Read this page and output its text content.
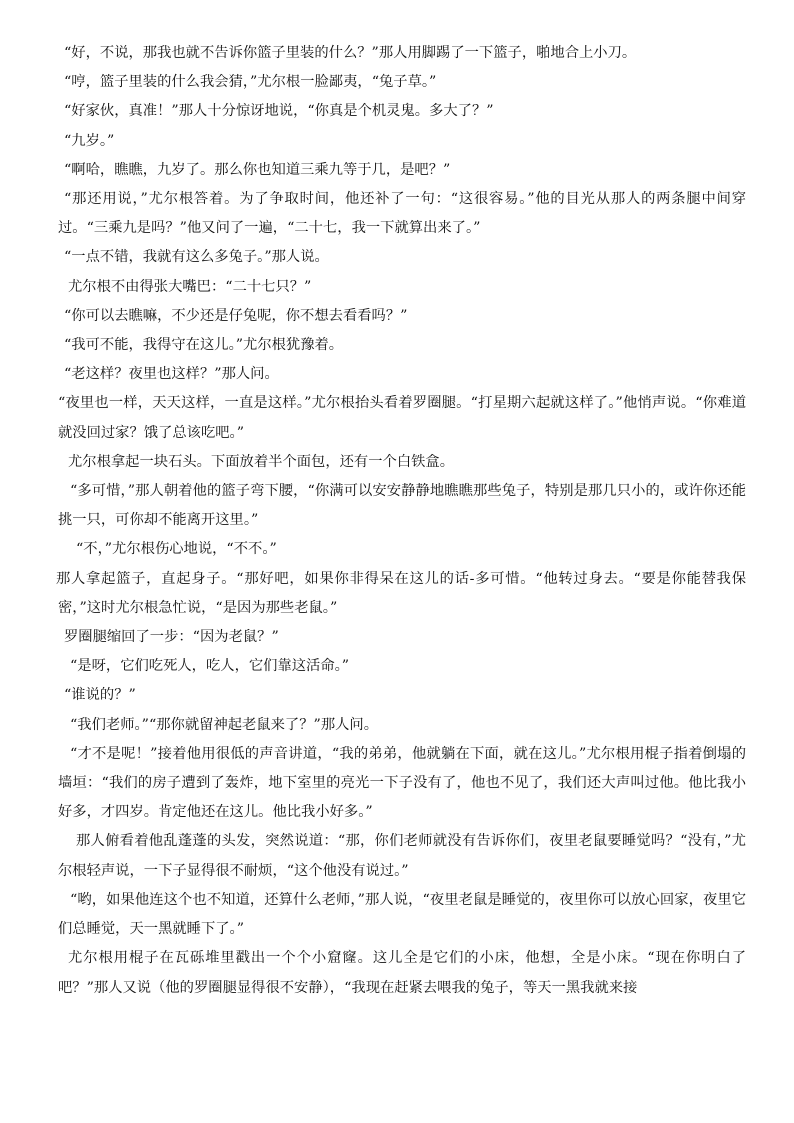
“好，不说，那我也就不告诉你篮子里装的什么？”那人用脚踢了一下篮子，啪地合上小刀。

“哼，篮子里装的什么我会猜，”尤尔根一脸鄙夷，“兔子草。”

“好家伙，真准！”那人十分惊讶地说，“你真是个机灵鬼。多大了？”

“九岁。”

“啊哈，瞧瞧，九岁了。那么你也知道三乘九等于几，是吧？”

“那还用说，”尤尔根答着。为了争取时间，他还补了一句：“这很容易。”他的目光从那人的两条腿中间穿过。“三乘九是吗？”他又问了一遍，“二十七，我一下就算出来了。”

“一点不错，我就有这么多兔子。”那人说。

尤尔根不由得张大嘴巴：“二十七只？”

“你可以去瞧嘛，不少还是仔兔呢，你不想去看看吗？”

“我可不能，我得守在这儿。”尤尔根犹豫着。

“老这样？夜里也这样？”那人问。

“夜里也一样，天天这样，一直是这样。”尤尔根抬头看着罗圈腿。“打星期六起就这样了。”他悄声说。“你难道就没回过家？饿了总该吃吧。”

尤尔根拿起一块石头。下面放着半个面包，还有一个白铁盒。

“多可惜，”那人朝着他的篮子弯下腰，“你满可以安安静静地瞧瞧那些兔子，特别是那几只小的，或许你还能挑一只，可你却不能离开这里。”

“不，”尤尔根伤心地说，“不不。”

那人拿起篮子，直起身子。“那好吧，如果你非得呆在这儿的话-多可惜。“他转过身去。“要是你能替我保密，”这时尤尔根急忙说，“是因为那些老鼠。”

罗圈腿缩回了一步：“因为老鼠？”

“是呀，它们吃死人，吃人，它们靠这活命。”

“谁说的？”

“我们老师。”“那你就留神起老鼠来了？”那人问。

“才不是呢！”接着他用很低的声音讲道，“我的弟弟，他就躺在下面，就在这儿。”尤尔根用棍子指着倒塌的墙垣：“我们的房子遭到了轰炸，地下室里的亮光一下子没有了，他也不见了，我们还大声叫过他。他比我小好多，才四岁。肯定他还在这儿。他比我小好多。”

那人俯看着他乱蓬蓬的头发，突然说道：“那，你们老师就没有告诉你们，夜里老鼠要睡觉吗？“没有，”尤尔根轻声说，一下子显得很不耐烦，“这个他没有说过。”

“哟，如果他连这个也不知道，还算什么老师，”那人说，“夜里老鼠是睡觉的，夜里你可以放心回家，夜里它们总睡觉，天一黑就睡下了。”

尤尔根用棍子在瓦砾堆里戳出一个个小窟窿。这儿全是它们的小床，他想，全是小床。“现在你明白了吧？”那人又说（他的罗圈腿显得很不安静），“我现在赶紧去喂我的兔子，等天一黑我就来接
